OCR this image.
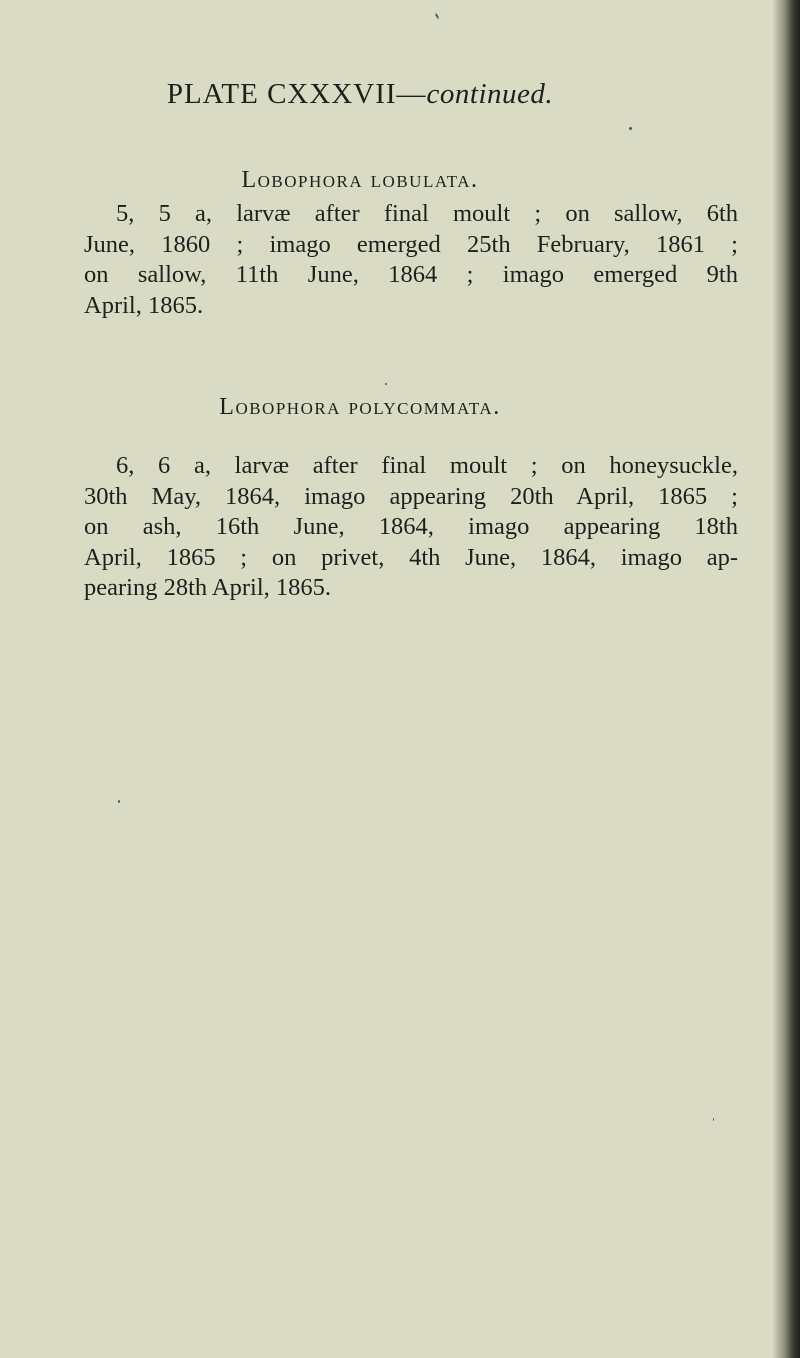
PLATE CXXXVII—continued.
Lobophora lobulata.
5, 5 a, larvæ after final moult ; on sallow, 6th
June, 1860 ; imago emerged 25th February, 1861 ;
on sallow, 11th June, 1864 ; imago emerged 9th
April, 1865.
Lobophora polycommata.
6, 6 a, larvæ after final moult ; on honeysuckle,
30th May, 1864, imago appearing 20th April, 1865 ;
on ash, 16th June, 1864, imago appearing 18th
April, 1865 ; on privet, 4th June, 1864, imago ap-
pearing 28th April, 1865.
